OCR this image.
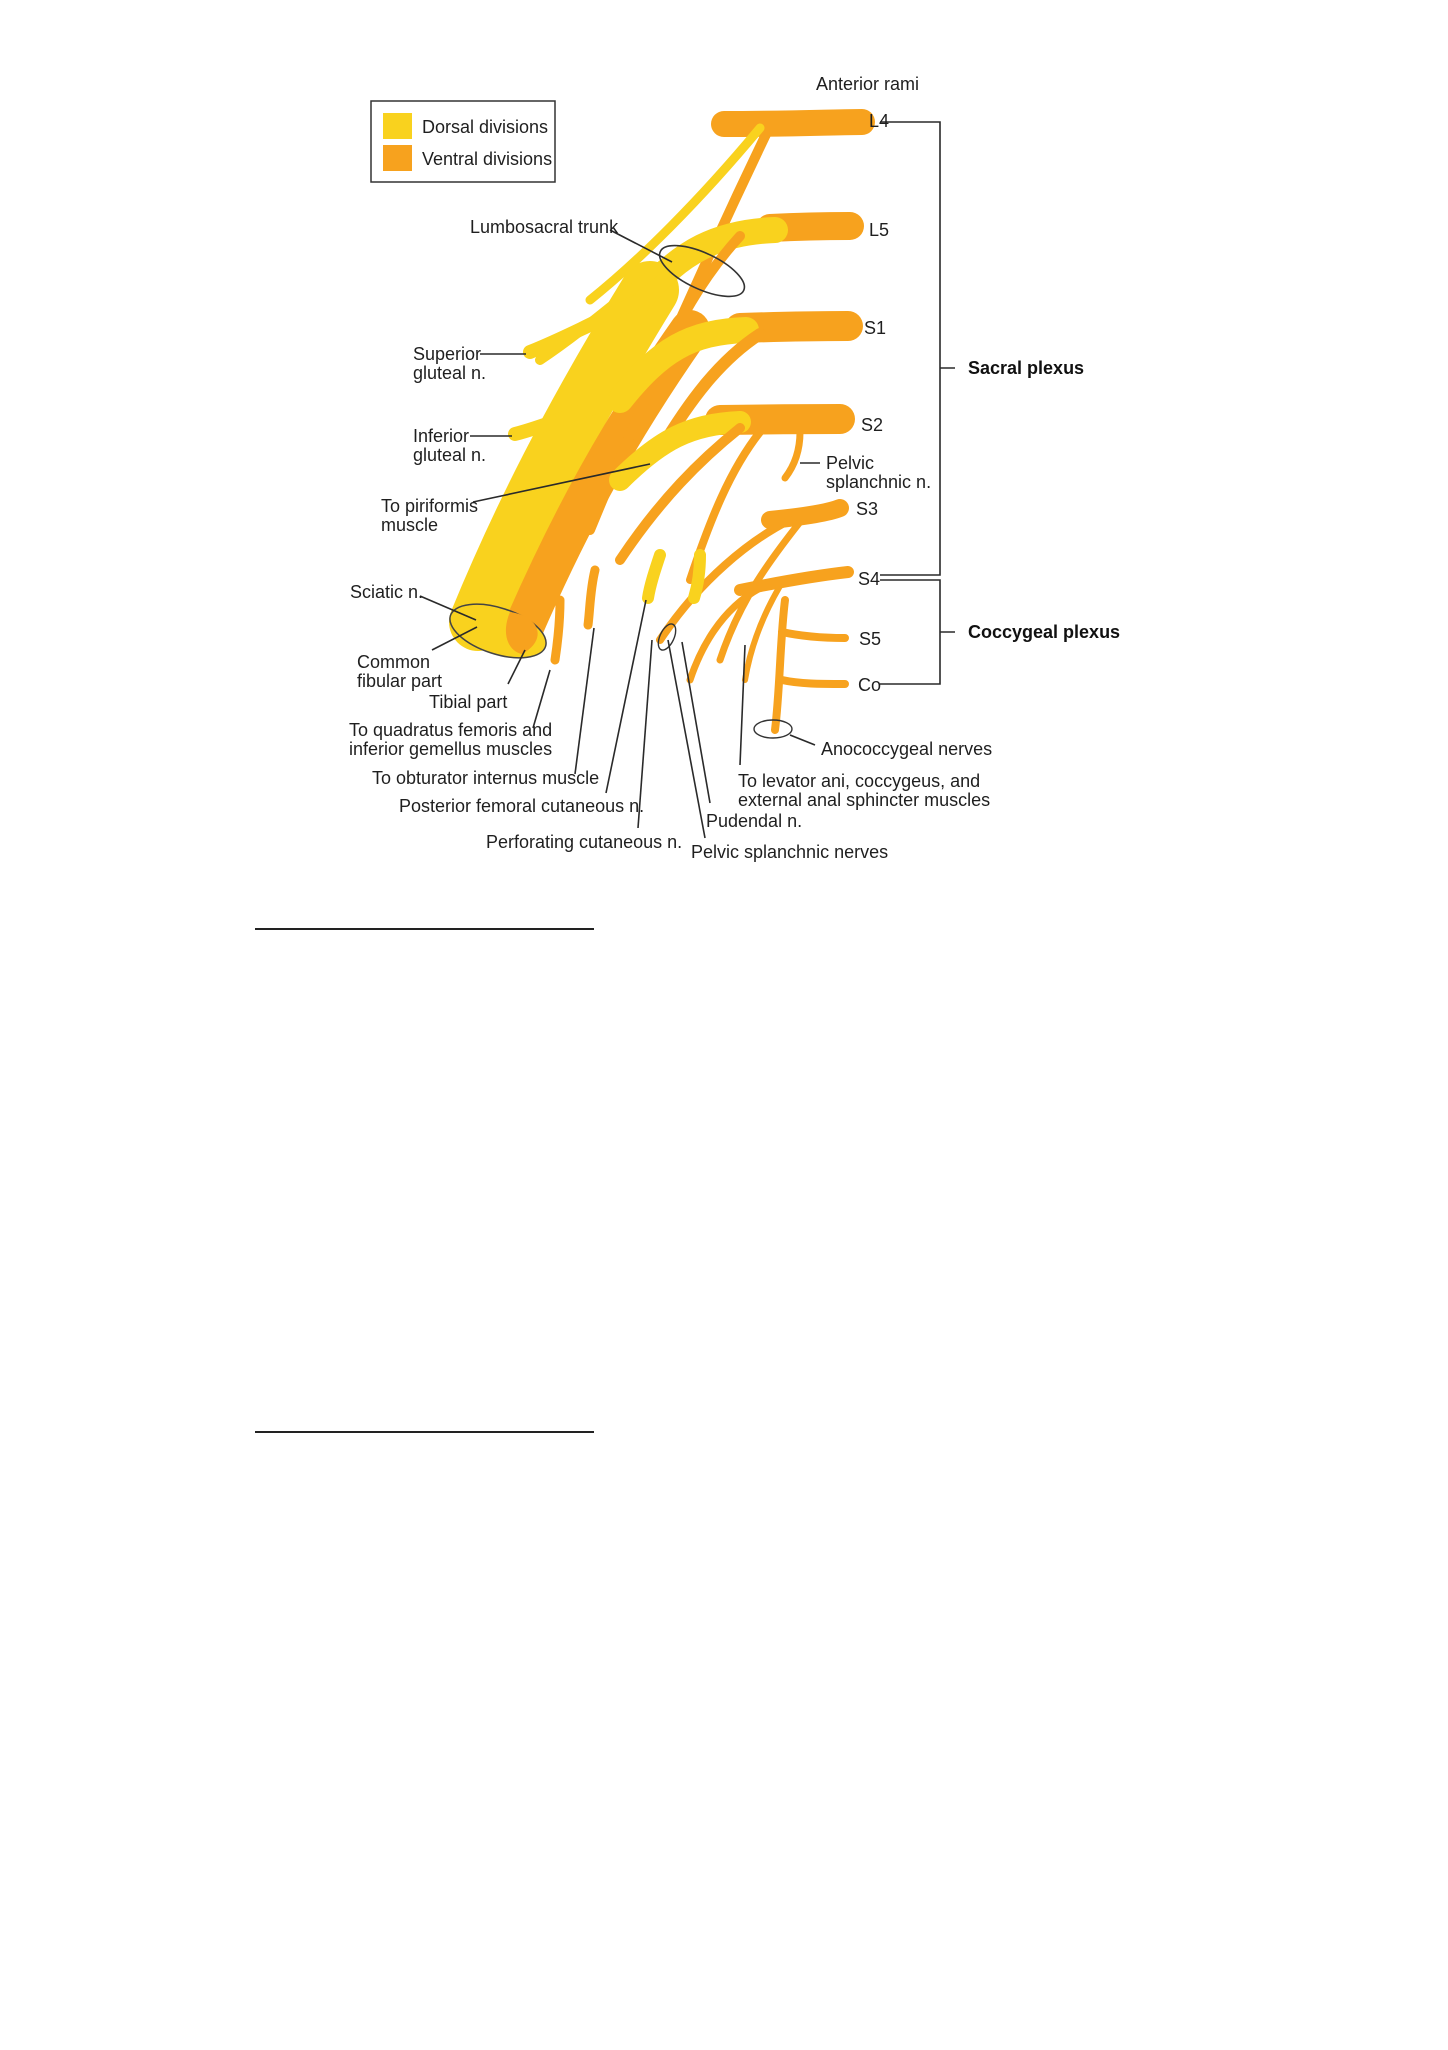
Dorsal divisions
Ventral divisions
Anterior rami
L4
L5
S1
S2
S3
S4
S5
Co
Sacral plexus
Coccygeal plexus
Lumbosacral trunk
Superior
gluteal n.
Inferior
gluteal n.
To piriformis
muscle
Sciatic n.
Common
fibular part
Tibial part
To quadratus femoris and
inferior gemellus muscles
To obturator internus muscle
Posterior femoral cutaneous n.
Perforating cutaneous n. Pelvic splanchnic nerves
Pudendal n.
To levator ani, coccygeus, and
external anal sphincter muscles
Anococcygeal nerves
Pelvic
splanchnic n.
